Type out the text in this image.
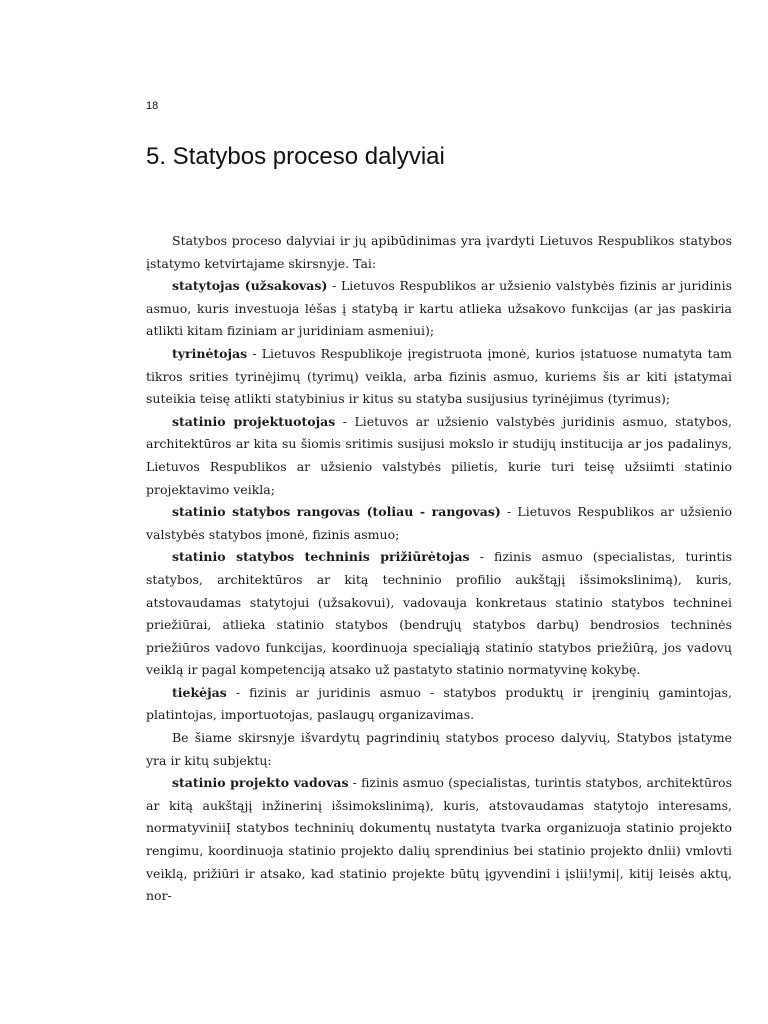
18
5. Statybos proceso dalyviai

Statybos proceso dalyviai ir jų apibūdinimas yra įvardyti Lietuvos Respublikos statybos įstatymo ketvirtajame skirsnyje. Tai:

statytojas (užsakovas) - Lietuvos Respublikos ar užsienio valstybės fizinis ar juridinis asmuo, kuris investuoja lėšas į statybą ir kartu atlieka užsakovo funkcijas (ar jas paskiria atlikti kitam fiziniam ar juridiniam asmeniui);

tyrinėtojas - Lietuvos Respublikoje įregistruota įmonė, kurios įstatuose numatyta tam tikros srities tyrinėjimų (tyrimų) veikla, arba fizinis asmuo, kuriems šis ar kiti įstatymai suteikia teisę atlikti statybinius ir kitus su statyba susijusius tyrinėjimus (tyrimus);

statinio projektuotojas - Lietuvos ar užsienio valstybės juridinis asmuo, statybos, architektūros ar kita su šiomis sritimis susijusi mokslo ir studijų institucija ar jos padalinys, Lietuvos Respublikos ar užsienio valstybės pilietis, kurie turi teisę užsiimti statinio projektavimo veikla;

statinio statybos rangovas (toliau - rangovas) - Lietuvos Respublikos ar užsienio valstybės statybos įmonė, fizinis asmuo;

statinio statybos techninis prižiūrėtojas - fizinis asmuo (specialistas, turintis statybos, architektūros ar kitą techninio profilio aukštąjį išsimokslinimą), kuris, atstovaudamas statytojui (užsakovui), vadovauja konkretaus statinio statybos techninei priežiūrai, atlieka statinio statybos (bendrųjų statybos darbų) bendrosios techninės priežiūros vadovo funkcijas, koordinuoja specialiąją statinio statybos priežiūrą, jos vadovų veiklą ir pagal kompetenciją atsako už pastatyto statinio normatyvinę kokybę.

tiekėjas - fizinis ar juridinis asmuo - statybos produktų ir įrenginių gamintojas, platintojas, importuotojas, paslaugų organizavimas.

Be šiame skirsnyje išvardytų pagrindinių statybos proceso dalyvių, Statybos įstatyme yra ir kitų subjektų:

statinio projekto vadovas - fizinis asmuo (specialistas, turintis statybos, architektūros ar kitą aukštąjį inžinerinį išsimokslinimą), kuris, atstovaudamas statytojo interesams, normatyviniiĮ statybos techninių dokumentų nustatyta tvarka organizuoja statinio projekto rengimu, koordinuoja statinio projekto dalių sprendinius bei statinio projekto dnlii) vmlovti veiklą, prižiūri ir atsako, kad statinio projekte būtų įgyvendini i įslii!ymi|, kitij leisės aktų, nor-
